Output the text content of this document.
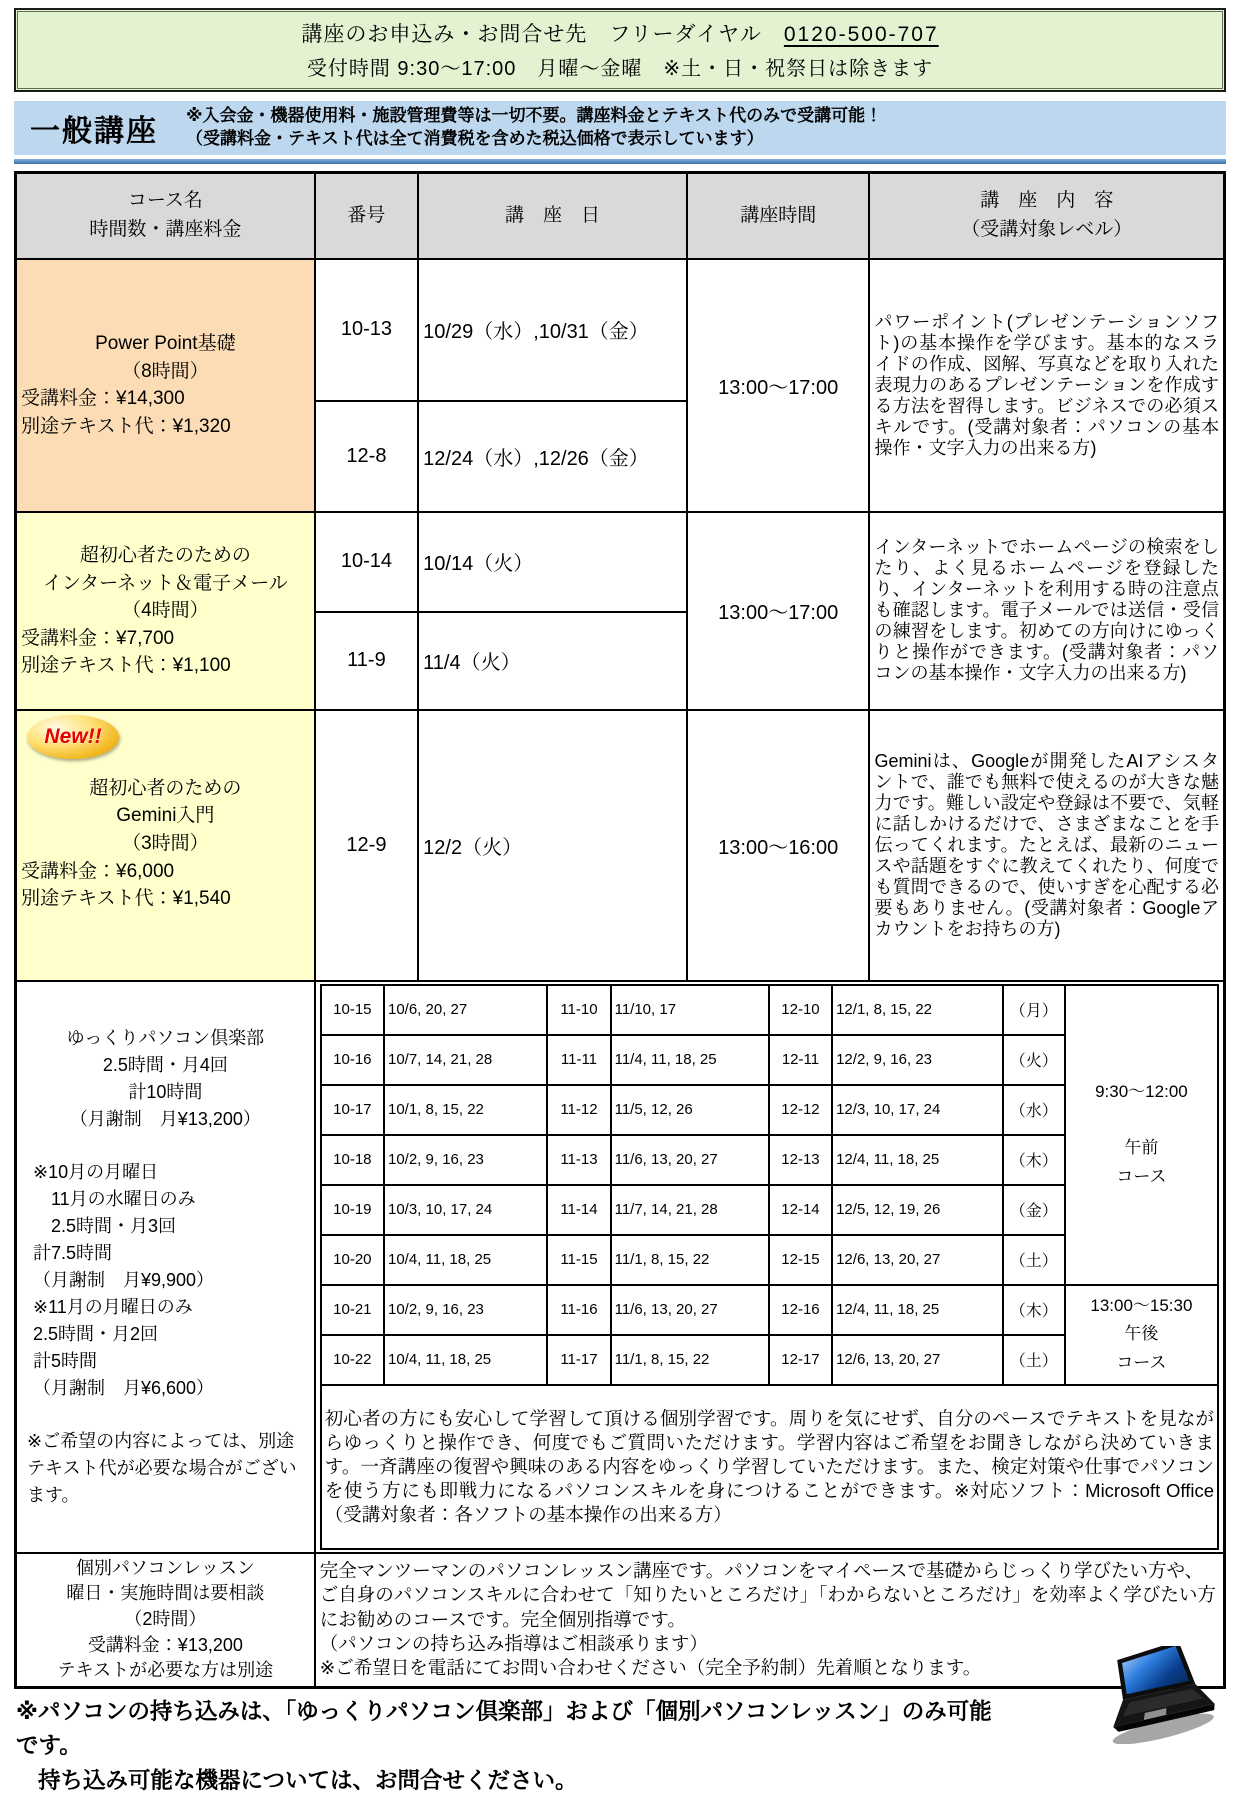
講座のお申込み・お問合せ先　フリーダイヤル　0120-500-707
受付時間 9:30～17:00　月曜～金曜　※土・日・祝祭日は除きます
一般講座	※入会金・機器使用料・施設管理費等は一切不要。講座料金とテキスト代のみで受講可能！
（受講料金・テキスト代は全て消費税を含めた税込価格で表示しています）
コース名
時間数・講座料金
	番号	講　座　日	講座時間	
講　座　内　容
（受講対象レベル）

Power Point基礎
（8時間）
受講料金：¥14,300
別途テキスト代：¥1,320
	10-13	10/29（水）,10/31（金）	13:00～17:00	パワーポイント(プレゼンテーションソフト)の基本操作を学びます。基本的なスライドの作成、図解、写真などを取り入れた表現力のあるプレゼンテーションを作成する方法を習得します。ビジネスでの必須スキルです。(受講対象者：パソコンの基本操作・文字入力の出来る方)
12-8	12/24（水）,12/26（金）

超初心者たのための
インターネット＆電子メール
（4時間）
受講料金：¥7,700
別途テキスト代：¥1,100
	10-14	10/14（火）	13:00～17:00	インターネットでホームページの検索をしたり、よく見るホームページを登録したり、インターネットを利用する時の注意点も確認します。電子メールでは送信・受信の練習をします。初めての方向けにゆっくりと操作ができます。(受講対象者：パソコンの基本操作・文字入力の出来る方)
11-9	11/4（火）

New!!
超初心者のための
Gemini入門
（3時間）
受講料金：¥6,000
別途テキスト代：¥1,540
	12-9	12/2（火）	13:00～16:00	Geminiは、Googleが開発したAIアシスタントで、誰でも無料で使えるのが大きな魅力です。難しい設定や登録は不要で、気軽に話しかけるだけで、さまざまなことを手伝ってくれます。たとえば、最新のニュースや話題をすぐに教えてくれたり、何度でも質問できるので、使いすぎを心配する必要もありません。(受講対象者：Googleアカウントをお持ちの方)

ゆっくりパソコン倶楽部
2.5時間・月4回
計10時間
（月謝制　月¥13,200）
※10月の月曜日
　11月の水曜日のみ
　2.5時間・月3回
計7.5時間
（月謝制　月¥9,900）
※11月の月曜日のみ
2.5時間・月2回
計5時間
（月謝制　月¥6,600）
※ご希望の内容によっては、別途テキスト代が必要な場合がございます。

10-15	10/6, 20, 27	11-10	11/10, 17	12-10	12/1, 8, 15, 22	（月）	
9:30～12:00
午前
コース

10-16	10/7, 14, 21, 28	11-11	11/4, 11, 18, 25	12-11	12/2, 9, 16, 23	（火）
10-17	10/1, 8, 15, 22	11-12	11/5, 12, 26	12-12	12/3, 10, 17, 24	（水）
10-18	10/2, 9, 16, 23	11-13	11/6, 13, 20, 27	12-13	12/4, 11, 18, 25	（木）
10-19	10/3, 10, 17, 24	11-14	11/7, 14, 21, 28	12-14	12/5, 12, 19, 26	（金）
10-20	10/4, 11, 18, 25	11-15	11/1, 8, 15, 22	12-15	12/6, 13, 20, 27	（土）
10-21	10/2, 9, 16, 23	11-16	11/6, 13, 20, 27	12-16	12/4, 11, 18, 25	（木）	13:00～15:30
午後
コース

10-22	10/4, 11, 18, 25	11-17	11/1, 8, 15, 22	12-17	12/6, 13, 20, 27	（土）
初心者の方にも安心して学習して頂ける個別学習です。周りを気にせず、自分のペースでテキストを見ながらゆっくりと操作でき、何度でもご質問いただけます。学習内容はご希望をお聞きしながら決めていきます。一斉講座の復習や興味のある内容をゆっくり学習していただけます。また、検定対策や仕事でパソコンを使う方にも即戦力になるパソコンスキルを身につけることができます。※対応ソフト：Microsoft Office （受講対象者：各ソフトの基本操作の出来る方）

個別パソコンレッスン
曜日・実施時間は要相談
（2時間）
受講料金：¥13,200
テキストが必要な方は別途

完全マンツーマンのパソコンレッスン講座です。パソコンをマイペースで基礎からじっくり学びたい方や、ご自身のパソコンスキルに合わせて「知りたいところだけ」「わからないところだけ」を効率よく学びたい方にお勧めのコースです。完全個別指導です。
（パソコンの持ち込み指導はご相談承ります）
※ご希望日を電話にてお問い合わせください（完全予約制）先着順となります。
※パソコンの持ち込みは、「ゆっくりパソコン倶楽部」および「個別パソコンレッスン」のみ可能です。
持ち込み可能な機器については、お問合せください。
